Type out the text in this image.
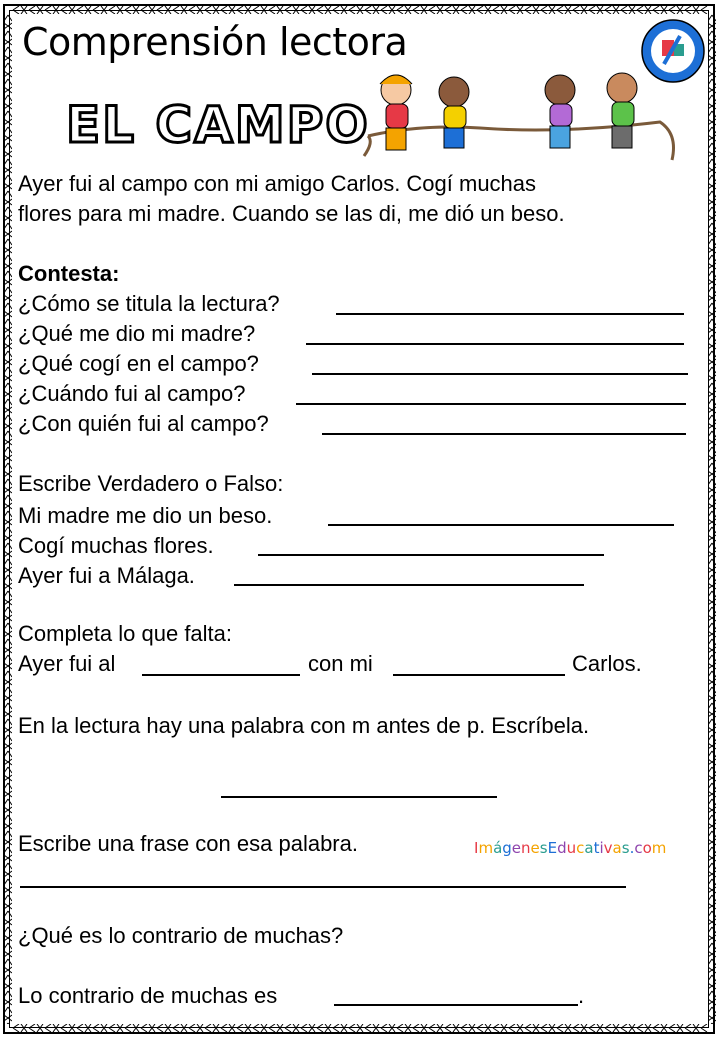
Comprensión lectora
EL CAMPO
Ayer fui al campo con mi amigo Carlos. Cogí muchas
flores para mi madre. Cuando se las di, me dió un beso.
Contesta:
¿Cómo se titula la lectura?
¿Qué me dio mi madre?
¿Qué cogí en el campo?
¿Cuándo fui al campo?
¿Con quién fui al campo?
Escribe Verdadero o Falso:
Mi madre me dio un beso.
Cogí muchas flores.
Ayer fui a Málaga.
Completa lo que falta:
Ayer fui al	con mi	Carlos.
En la lectura hay una palabra con m antes de p. Escríbela.
Escribe una frase con esa palabra.	ImágenesEducativas.com
¿Qué es lo contrario de muchas?
Lo contrario de muchas es	.
